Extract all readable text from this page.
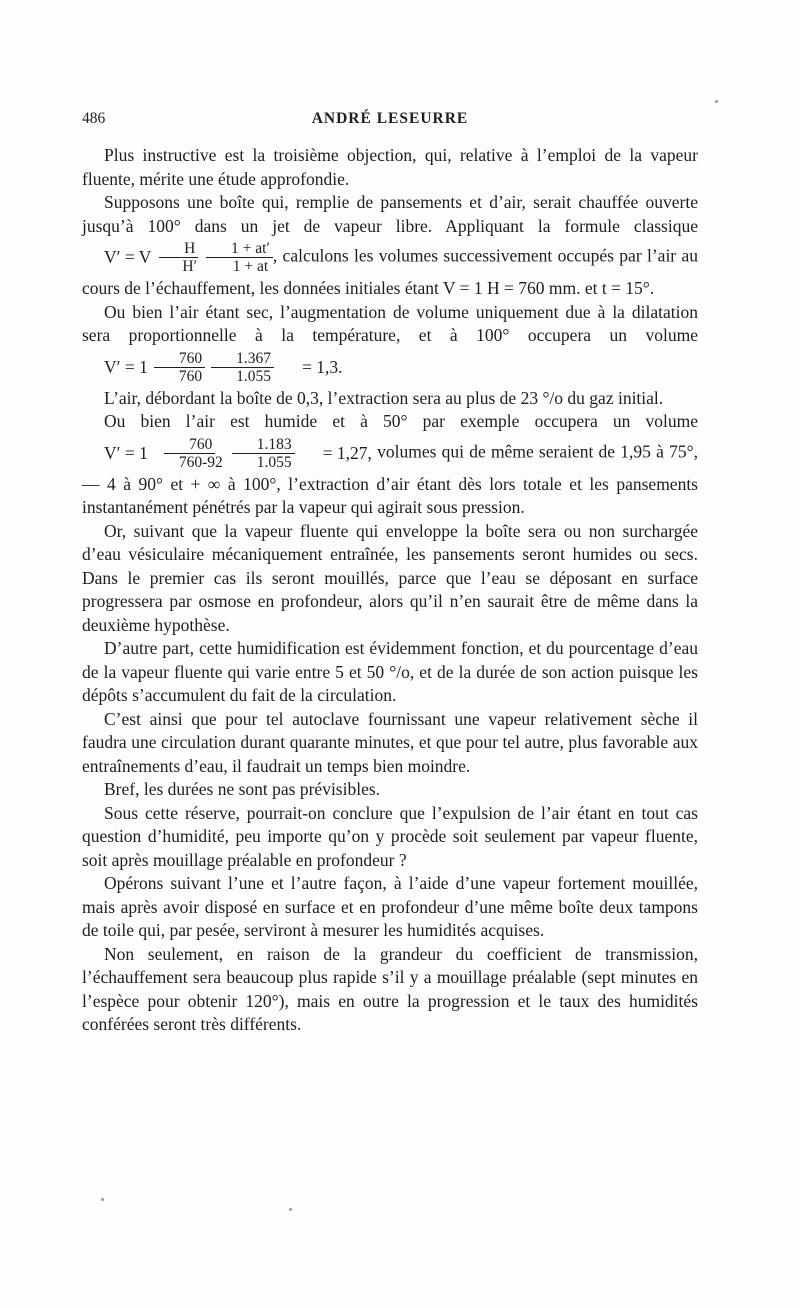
486	ANDRÉ LESEURRE

Plus instructive est la troisième objection, qui, relative à l’emploi de la vapeur fluente, mérite une étude approfondie.

Supposons une boîte qui, remplie de pansements et d’air, serait chauffée ouverte jusqu’à 100° dans un jet de vapeur libre. Appliquant la formule classique
V′ = V $\frac{H}{H'} \frac{1 + at'}{1 + at}$ , calculons les volumes successivement occupés par l’air au cours de l’échauffement, les données initiales étant V = 1 H = 760 mm. et t = 15°.

Ou bien l’air étant sec, l’augmentation de volume uniquement due à la dilatation sera proportionnelle à la température, et à 100° occupera un volume
$V' = 1 \frac{760}{760} \frac{1.367}{1.055}$	= 1,3.

L’air, débordant la boîte de 0,3, l’extraction sera au plus de 23 °/o du gaz initial.

Ou bien l’air est humide et à 50° par exemple occupera un volume
$V' = 1 \frac{760}{760-92} \frac{1.183}{1.055}$	= 1,27, volumes qui de même seraient de 1,95 à 75°, — 4 à 90° et + ∞ à 100°, l’extraction d’air étant dès lors totale et les pansements instantanément pénétrés par la vapeur qui agirait sous pression.

Or, suivant que la vapeur fluente qui enveloppe la boîte sera ou non surchargée d’eau vésiculaire mécaniquement entraînée, les pansements seront humides ou secs. Dans le premier cas ils seront mouillés, parce que l’eau se déposant en surface progressera par osmose en profondeur, alors qu’il n’en saurait être de même dans la deuxième hypothèse.

D’autre part, cette humidification est évidemment fonction, et du pourcentage d’eau de la vapeur fluente qui varie entre 5 et 50 °/o, et de la durée de son action puisque les dépôts s’accumulent du fait de la circulation.

C’est ainsi que pour tel autoclave fournissant une vapeur relativement sèche il faudra une circulation durant quarante minutes, et que pour tel autre, plus favorable aux entraînements d’eau, il faudrait un temps bien moindre.

Bref, les durées ne sont pas prévisibles.

Sous cette réserve, pourrait-on conclure que l’expulsion de l’air étant en tout cas question d’humidité, peu importe qu’on y procède soit seulement par vapeur fluente, soit après mouillage préalable en profondeur ?

Opérons suivant l’une et l’autre façon, à l’aide d’une vapeur fortement mouillée, mais après avoir disposé en surface et en profondeur d’une même boîte deux tampons de toile qui, par pesée, serviront à mesurer les humidités acquises.

Non seulement, en raison de la grandeur du coefficient de transmission, l’échauffement sera beaucoup plus rapide s’il y a mouillage préalable (sept minutes en l’espèce pour obtenir 120°), mais en outre la progression et le taux des humidités conférées seront très différents.
